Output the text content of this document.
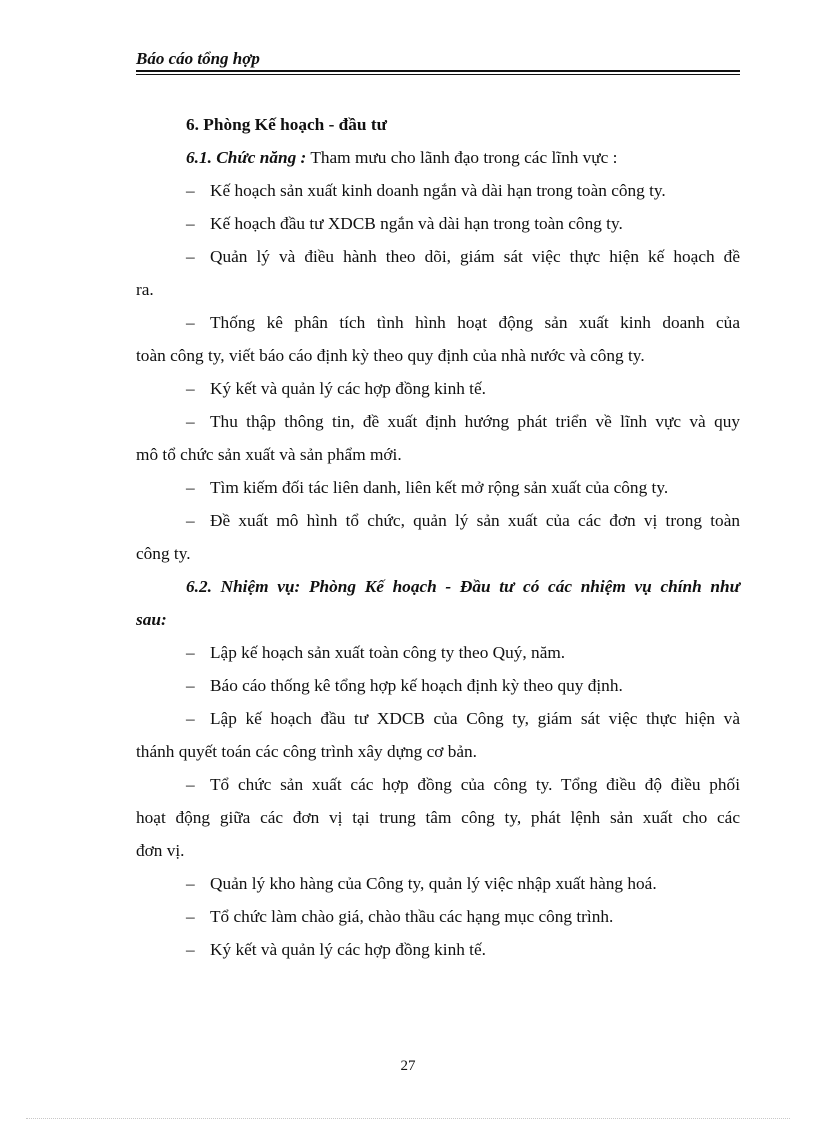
Báo cáo tổng hợp
6. Phòng Kế hoạch - đầu tư
6.1. Chức năng : Tham mưu cho lãnh đạo trong các lĩnh vực :
– Kế hoạch sản xuất kinh doanh ngắn và dài hạn trong toàn công ty.
– Kế hoạch đầu tư XDCB ngắn và dài hạn trong toàn công ty.
– Quản lý và điều hành theo dõi, giám sát việc thực hiện kế hoạch đề
ra.
– Thống kê phân tích tình hình hoạt động sản xuất kinh doanh của
toàn công ty, viết báo cáo định kỳ theo quy định của nhà nước và công ty.
– Ký kết và quản lý các hợp đồng kinh tế.
– Thu thập thông tin, đề xuất định hướng phát triển về lĩnh vực và quy
mô tổ chức sản xuất và sản phẩm mới.
– Tìm kiếm đối tác liên danh, liên kết mở rộng sản xuất của công ty.
– Đề xuất mô hình tổ chức, quản lý sản xuất của các đơn vị trong toàn
công ty.
6.2. Nhiệm vụ: Phòng Kế hoạch - Đầu tư có các nhiệm vụ chính như
sau:
– Lập kế hoạch sản xuất toàn công ty theo Quý, năm.
– Báo cáo thống kê tổng hợp kế hoạch định kỳ theo quy định.
– Lập kế hoạch đầu tư XDCB của Công ty, giám sát việc thực hiện và
thánh quyết toán các công trình xây dựng cơ bản.
– Tổ chức sản xuất các hợp đồng của công ty. Tổng điều độ điều phối
hoạt động giữa các đơn vị tại trung tâm công ty, phát lệnh sản xuất cho các
đơn vị.
– Quản lý kho hàng của Công ty, quản lý việc nhập xuất hàng hoá.
– Tổ chức làm chào giá, chào thầu các hạng mục công trình.
– Ký kết và quản lý các hợp đồng kinh tế.
27
